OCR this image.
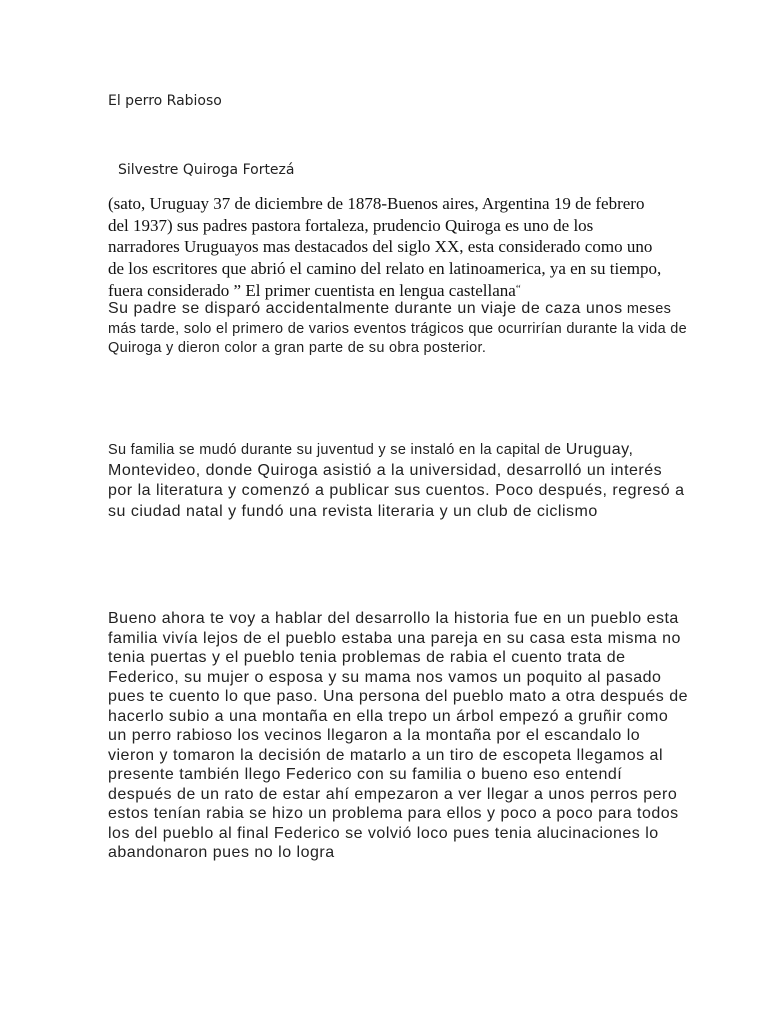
El perro Rabioso

Silvestre Quiroga Fortezá

(sato, Uruguay 37 de diciembre de 1878-Buenos aires, Argentina 19 de febrero del 1937) sus padres pastora fortaleza, prudencio Quiroga es uno de los narradores Uruguayos mas destacados del siglo XX, esta considerado como uno de los escritores que abrió el camino del relato en latinoamerica, ya en su tiempo, fuera considerado ” El primer cuentista en lengua castellana“

Su padre se disparó accidentalmente durante un viaje de caza unos meses más tarde, solo el primero de varios eventos trágicos que ocurrirían durante la vida de Quiroga y dieron color a gran parte de su obra posterior.

Su familia se mudó durante su juventud y se instaló en la capital de Uruguay, Montevideo, donde Quiroga asistió a la universidad, desarrolló un interés por la literatura y comenzó a publicar sus cuentos. Poco después, regresó a su ciudad natal y fundó una revista literaria y un club de ciclismo

Bueno ahora te voy a hablar del desarrollo la historia fue en un pueblo esta familia vivía lejos de el pueblo estaba una pareja en su casa esta misma no tenia puertas y el pueblo tenia problemas de rabia el cuento trata de Federico, su mujer o esposa y su mama nos vamos un poquito al pasado pues te cuento lo que paso. Una persona del pueblo mato a otra después de hacerlo subio a una montaña en ella trepo un árbol empezó a gruñir como un perro rabioso los vecinos llegaron a la montaña por el escandalo lo vieron y tomaron la decisión de matarlo a un tiro de escopeta llegamos al presente también llego Federico con su familia o bueno eso entendí después de un rato de estar ahí empezaron a ver llegar a unos perros pero estos tenían rabia se hizo un problema para ellos y poco a poco para todos los del pueblo al final Federico se volvió loco pues tenia alucinaciones lo abandonaron pues no lo logra
